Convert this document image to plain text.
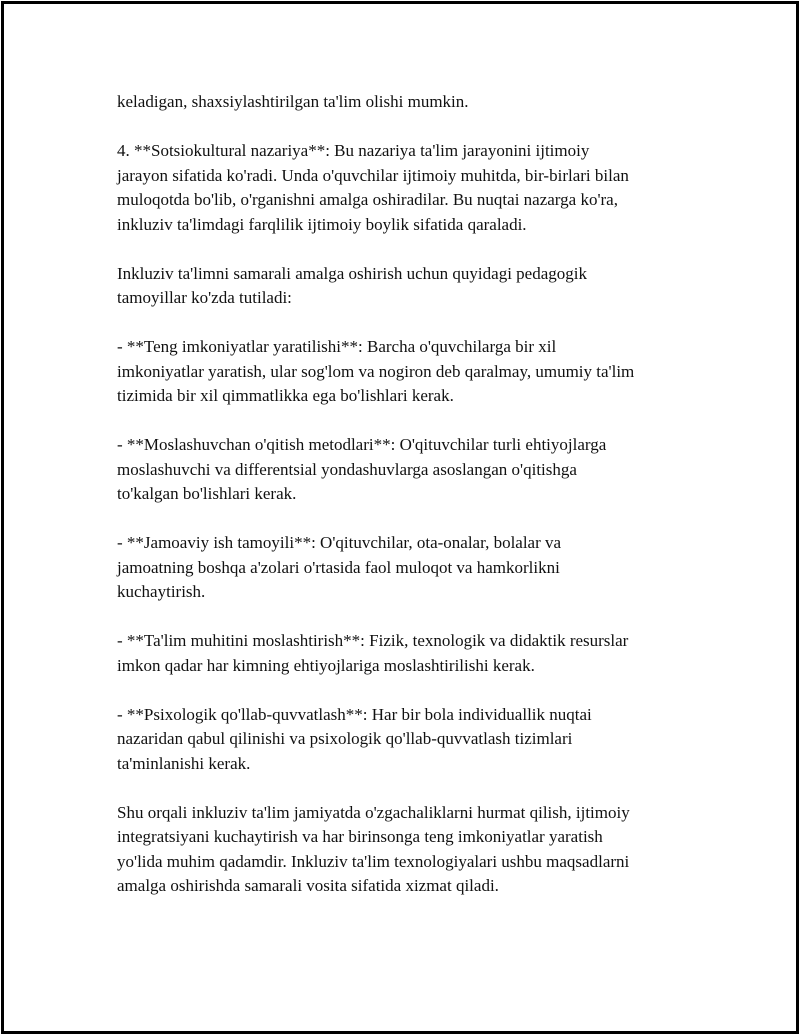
keladigan, shaxsiylashtirilgan ta'lim olishi mumkin.
4. **Sotsiokultural nazariya**: Bu nazariya ta'lim jarayonini ijtimoiy
jarayon sifatida ko'radi. Unda o'quvchilar ijtimoiy muhitda, bir-birlari bilan
muloqotda bo'lib, o'rganishni amalga oshiradilar. Bu nuqtai nazarga ko'ra,
inkluziv ta'limdagi farqlilik ijtimoiy boylik sifatida qaraladi.
Inkluziv ta'limni samarali amalga oshirish uchun quyidagi pedagogik
tamoyillar ko'zda tutiladi:
- **Teng imkoniyatlar yaratilishi**: Barcha o'quvchilarga bir xil
imkoniyatlar yaratish, ular sog'lom va nogiron deb qaralmay, umumiy ta'lim
tizimida bir xil qimmatlikka ega bo'lishlari kerak.
- **Moslashuvchan o'qitish metodlari**: O'qituvchilar turli ehtiyojlarga
moslashuvchi va differentsial yondashuvlarga asoslangan o'qitishga
to'kalgan bo'lishlari kerak.
- **Jamoaviy ish tamoyili**: O'qituvchilar, ota-onalar, bolalar va
jamoatning boshqa a'zolari o'rtasida faol muloqot va hamkorlikni
kuchaytirish.
- **Ta'lim muhitini moslashtirish**: Fizik, texnologik va didaktik resurslar
imkon qadar har kimning ehtiyojlariga moslashtirilishi kerak.
- **Psixologik qo'llab-quvvatlash**: Har bir bola individuallik nuqtai
nazaridan qabul qilinishi va psixologik qo'llab-quvvatlash tizimlari
ta'minlanishi kerak.
Shu orqali inkluziv ta'lim jamiyatda o'zgachaliklarni hurmat qilish, ijtimoiy
integratsiyani kuchaytirish va har birinsonga teng imkoniyatlar yaratish
yo'lida muhim qadamdir. Inkluziv ta'lim texnologiyalari ushbu maqsadlarni
amalga oshirishda samarali vosita sifatida xizmat qiladi.
